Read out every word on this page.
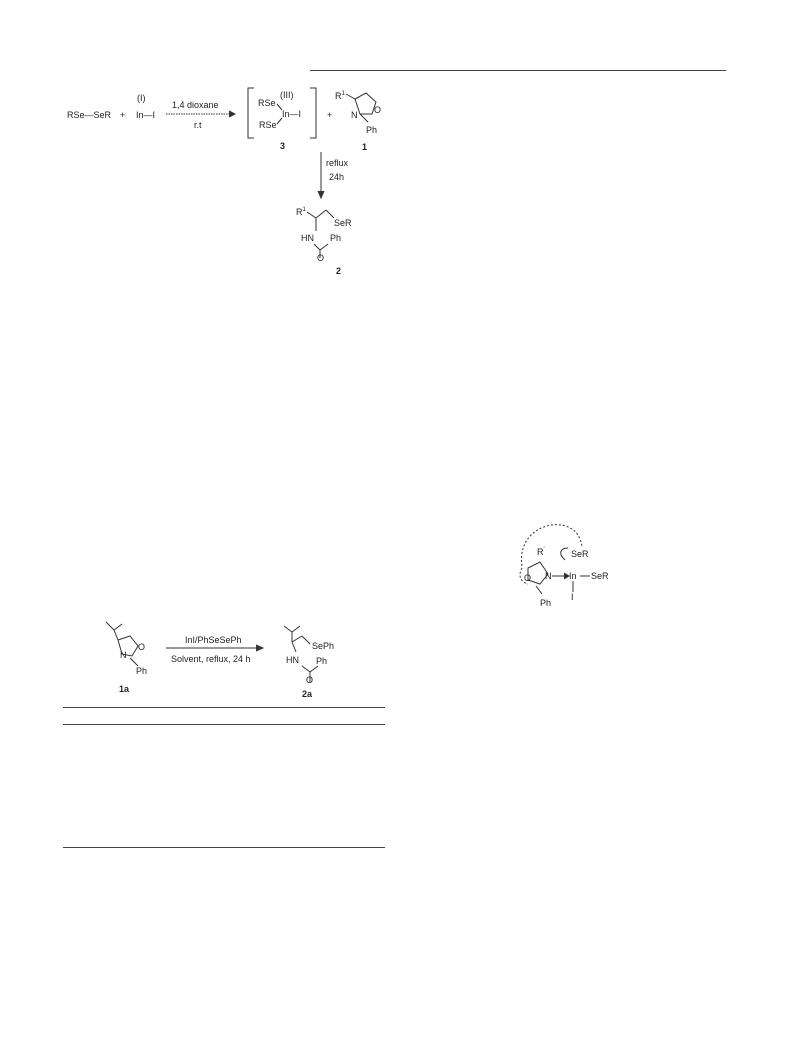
RSe—SeR +
(I)
In—I
1,4 dioxane
r.t
RSe
(III)
In—I
RSe
3
+
$R^1$
O
N
Ph
1
reflux
24h
$R^1$
SeR
HN Ph
O
2
R'	SeR
O N In SeR
I
Ph
N
O
Ph
1a
InI/PhSeSePh
Solvent, reflux, 24 h
SePh
HN Ph
O
2a
